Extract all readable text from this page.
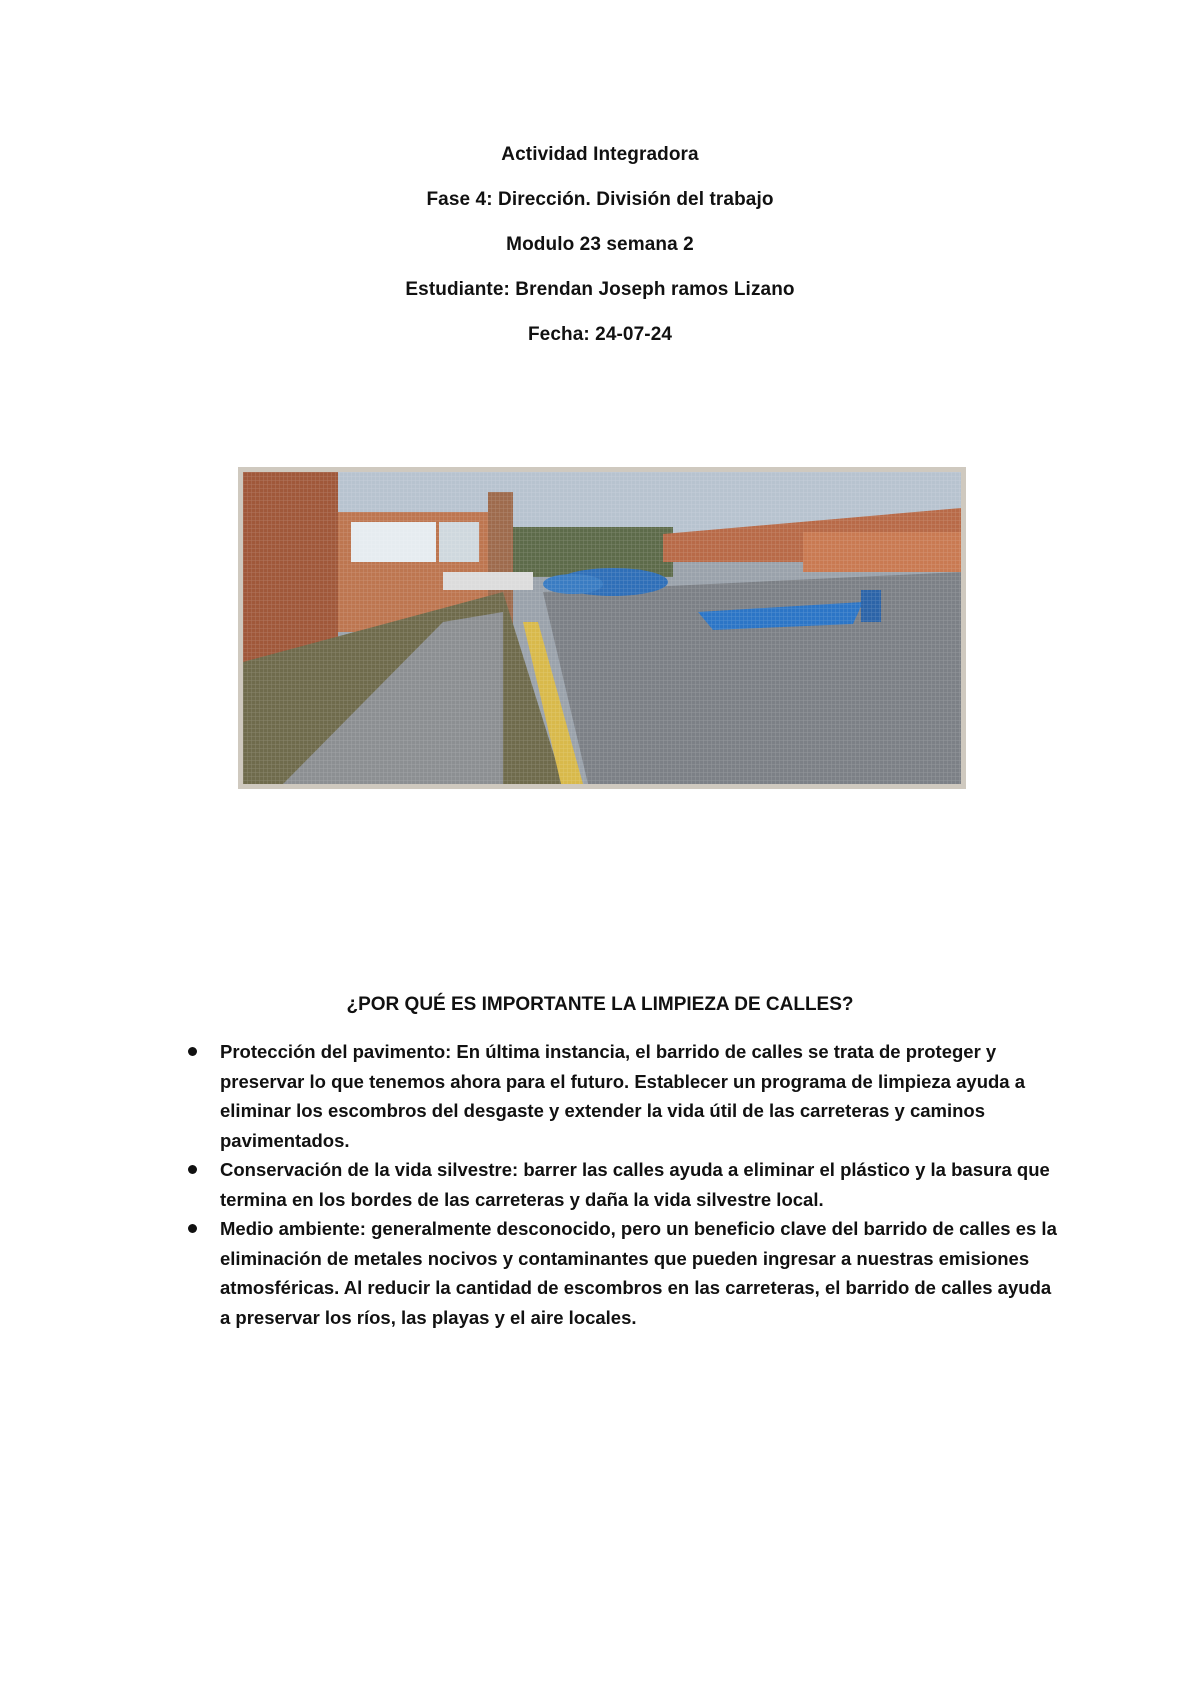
Actividad Integradora
Fase 4: Dirección. División del trabajo
Modulo 23 semana 2
Estudiante: Brendan Joseph ramos Lizano
Fecha: 24-07-24
¿POR QUÉ ES IMPORTANTE LA LIMPIEZA DE CALLES?
Protección del pavimento: En última instancia, el barrido de calles se trata de proteger y preservar lo que tenemos ahora para el futuro. Establecer un programa de limpieza ayuda a eliminar los escombros del desgaste y extender la vida útil de las carreteras y caminos pavimentados.
Conservación de la vida silvestre: barrer las calles ayuda a eliminar el plástico y la basura que termina en los bordes de las carreteras y daña la vida silvestre local.
Medio ambiente: generalmente desconocido, pero un beneficio clave del barrido de calles es la eliminación de metales nocivos y contaminantes que pueden ingresar a nuestras emisiones atmosféricas. Al reducir la cantidad de escombros en las carreteras, el barrido de calles ayuda a preservar los ríos, las playas y el aire locales.
